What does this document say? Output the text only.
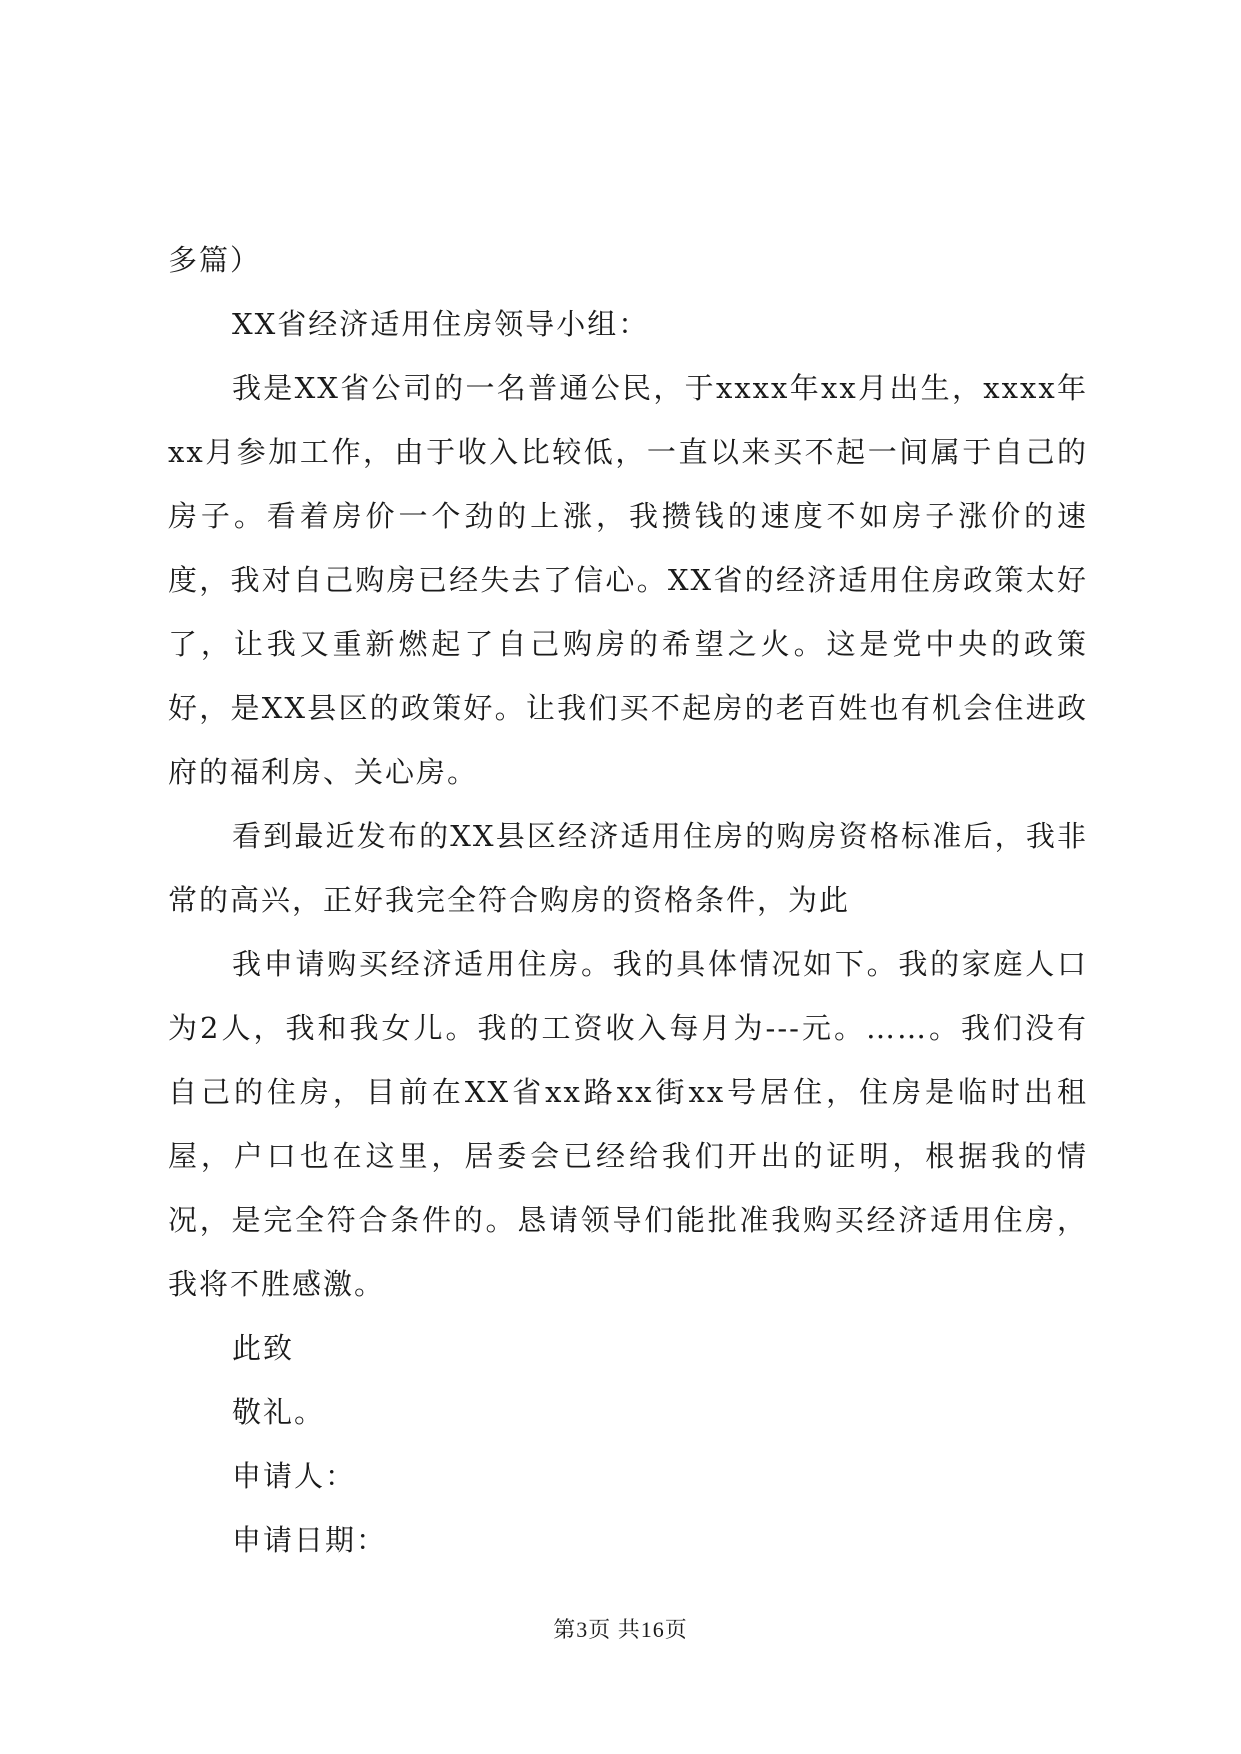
多篇）

XX省经济适用住房领导小组：

我是XX省公司的一名普通公民，于xxxx年xx月出生，xxxx年xx月参加工作，由于收入比较低，一直以来买不起一间属于自己的房子。看着房价一个劲的上涨，我攒钱的速度不如房子涨价的速度，我对自己购房已经失去了信心。XX省的经济适用住房政策太好了，让我又重新燃起了自己购房的希望之火。这是党中央的政策好，是XX县区的政策好。让我们买不起房的老百姓也有机会住进政府的福利房、关心房。

看到最近发布的XX县区经济适用住房的购房资格标准后，我非常的高兴，正好我完全符合购房的资格条件，为此

我申请购买经济适用住房。我的具体情况如下。我的家庭人口为2人，我和我女儿。我的工资收入每月为---元。……。我们没有自己的住房，目前在XX省xx路xx街xx号居住，住房是临时出租屋，户口也在这里，居委会已经给我们开出的证明，根据我的情况，是完全符合条件的。恳请领导们能批准我购买经济适用住房，我将不胜感激。

此致

敬礼。

申请人：

申请日期：

第3页 共16页
